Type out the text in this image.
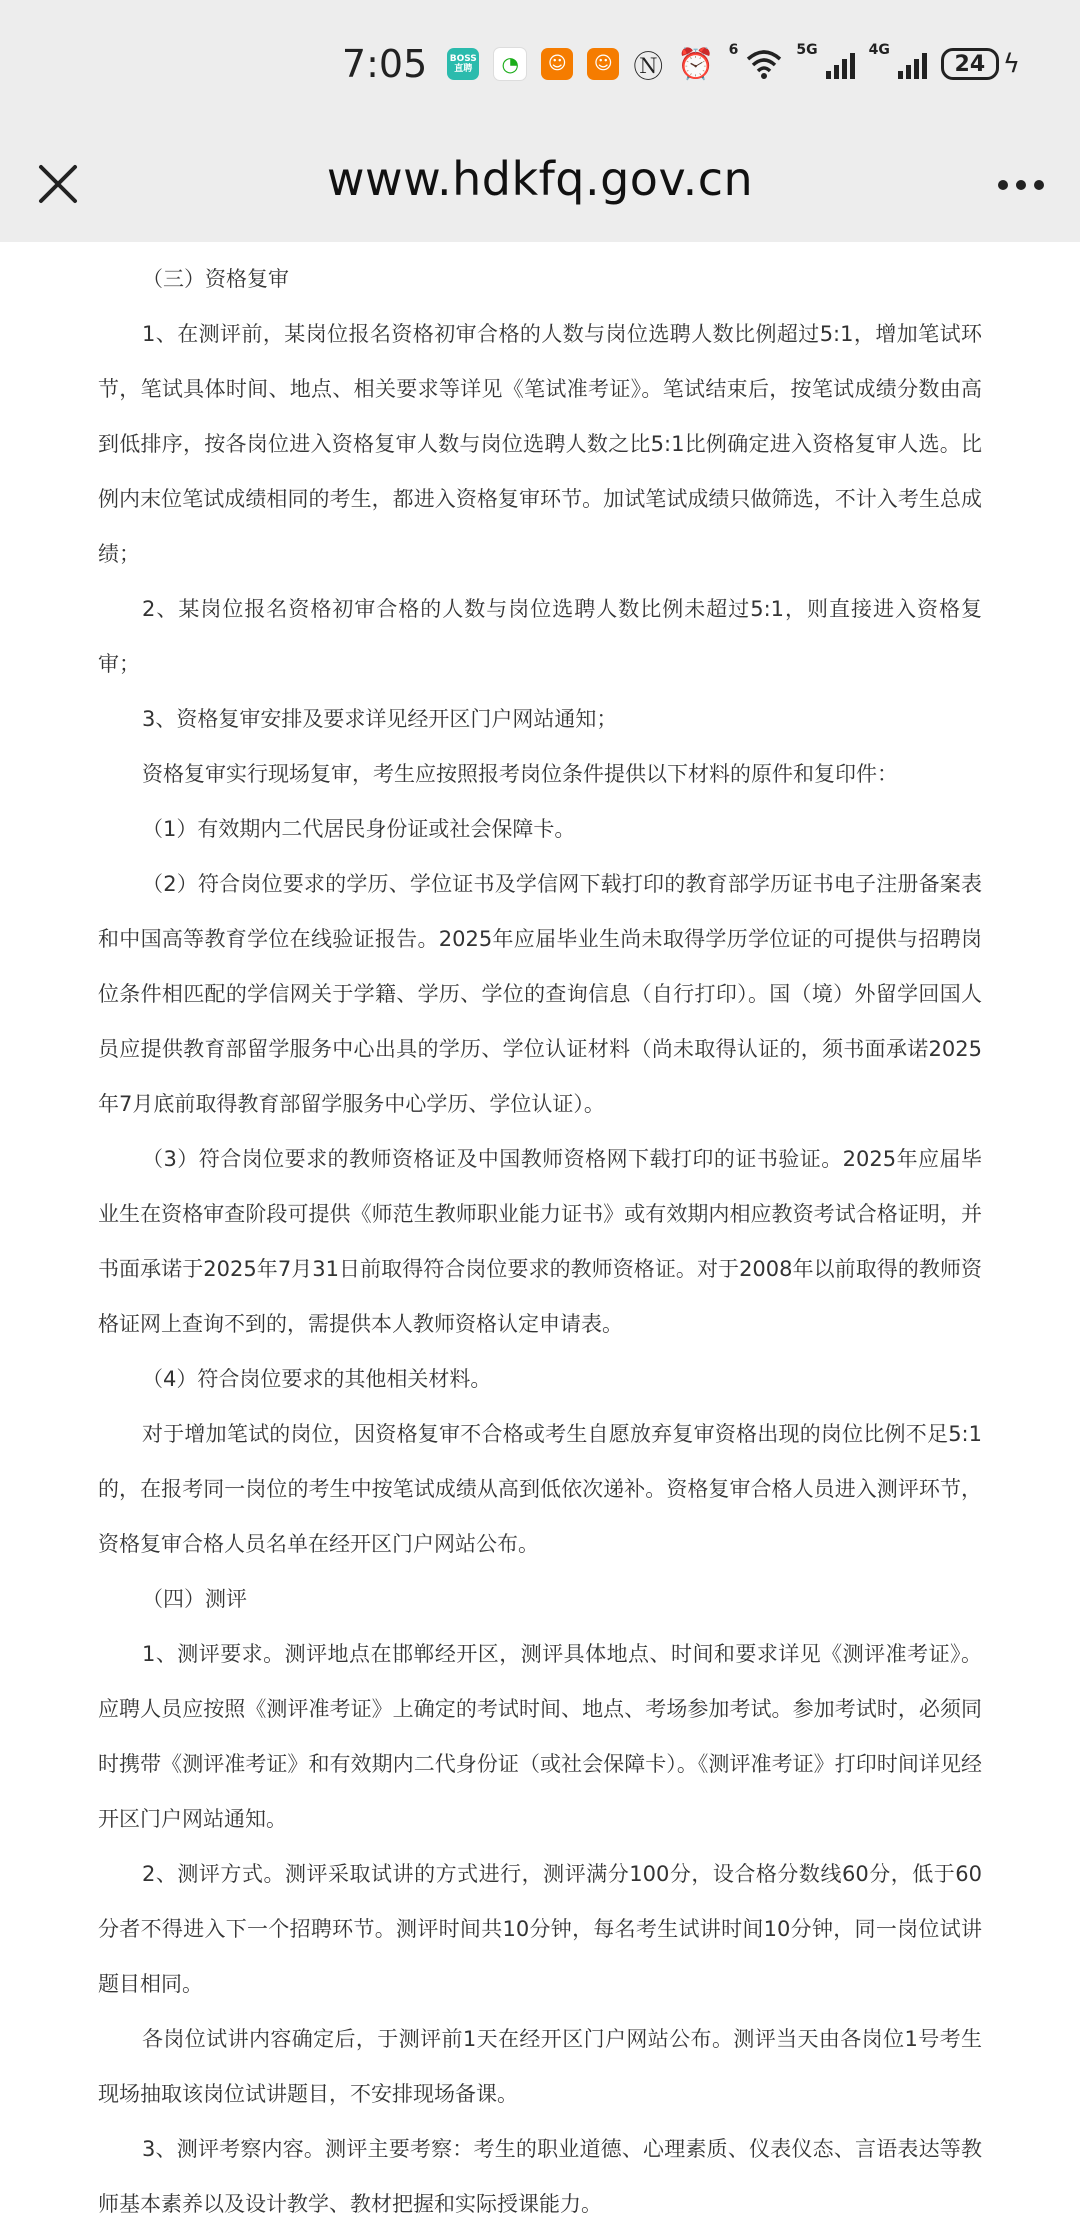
7:05 BOSS
直聘	◔	☺	☺ Ⓝ ⏰ 6	5G	4G
24 ϟ
www.hdkfq.gov.cn

（三）资格复审

1、在测评前，某岗位报名资格初审合格的人数与岗位选聘人数比例超过5:1，增加笔试环节，笔试具体时间、地点、相关要求等详见《笔试准考证》。笔试结束后，按笔试成绩分数由高到低排序，按各岗位进入资格复审人数与岗位选聘人数之比5:1比例确定进入资格复审人选。比例内末位笔试成绩相同的考生，都进入资格复审环节。加试笔试成绩只做筛选，不计入考生总成绩；

2、某岗位报名资格初审合格的人数与岗位选聘人数比例未超过5:1，则直接进入资格复审；

3、资格复审安排及要求详见经开区门户网站通知；

资格复审实行现场复审，考生应按照报考岗位条件提供以下材料的原件和复印件：

（1）有效期内二代居民身份证或社会保障卡。

（2）符合岗位要求的学历、学位证书及学信网下载打印的教育部学历证书电子注册备案表和中国高等教育学位在线验证报告。2025年应届毕业生尚未取得学历学位证的可提供与招聘岗位条件相匹配的学信网关于学籍、学历、学位的查询信息（自行打印）。国（境）外留学回国人员应提供教育部留学服务中心出具的学历、学位认证材料（尚未取得认证的，须书面承诺2025年7月底前取得教育部留学服务中心学历、学位认证）。

（3）符合岗位要求的教师资格证及中国教师资格网下载打印的证书验证。2025年应届毕业生在资格审查阶段可提供《师范生教师职业能力证书》或有效期内相应教资考试合格证明，并书面承诺于2025年7月31日前取得符合岗位要求的教师资格证。对于2008年以前取得的教师资格证网上查询不到的，需提供本人教师资格认定申请表。

（4）符合岗位要求的其他相关材料。

对于增加笔试的岗位，因资格复审不合格或考生自愿放弃复审资格出现的岗位比例不足5:1的，在报考同一岗位的考生中按笔试成绩从高到低依次递补。资格复审合格人员进入测评环节，资格复审合格人员名单在经开区门户网站公布。

（四）测评

1、测评要求。测评地点在邯郸经开区，测评具体地点、时间和要求详见《测评准考证》。应聘人员应按照《测评准考证》上确定的考试时间、地点、考场参加考试。参加考试时，必须同时携带《测评准考证》和有效期内二代身份证（或社会保障卡）。《测评准考证》打印时间详见经开区门户网站通知。

2、测评方式。测评采取试讲的方式进行，测评满分100分，设合格分数线60分，低于60分者不得进入下一个招聘环节。测评时间共10分钟，每名考生试讲时间10分钟，同一岗位试讲题目相同。

各岗位试讲内容确定后，于测评前1天在经开区门户网站公布。测评当天由各岗位1号考生现场抽取该岗位试讲题目，不安排现场备课。

3、测评考察内容。测评主要考察：考生的职业道德、心理素质、仪表仪态、言语表达等教师基本素养以及设计教学、教材把握和实际授课能力。
